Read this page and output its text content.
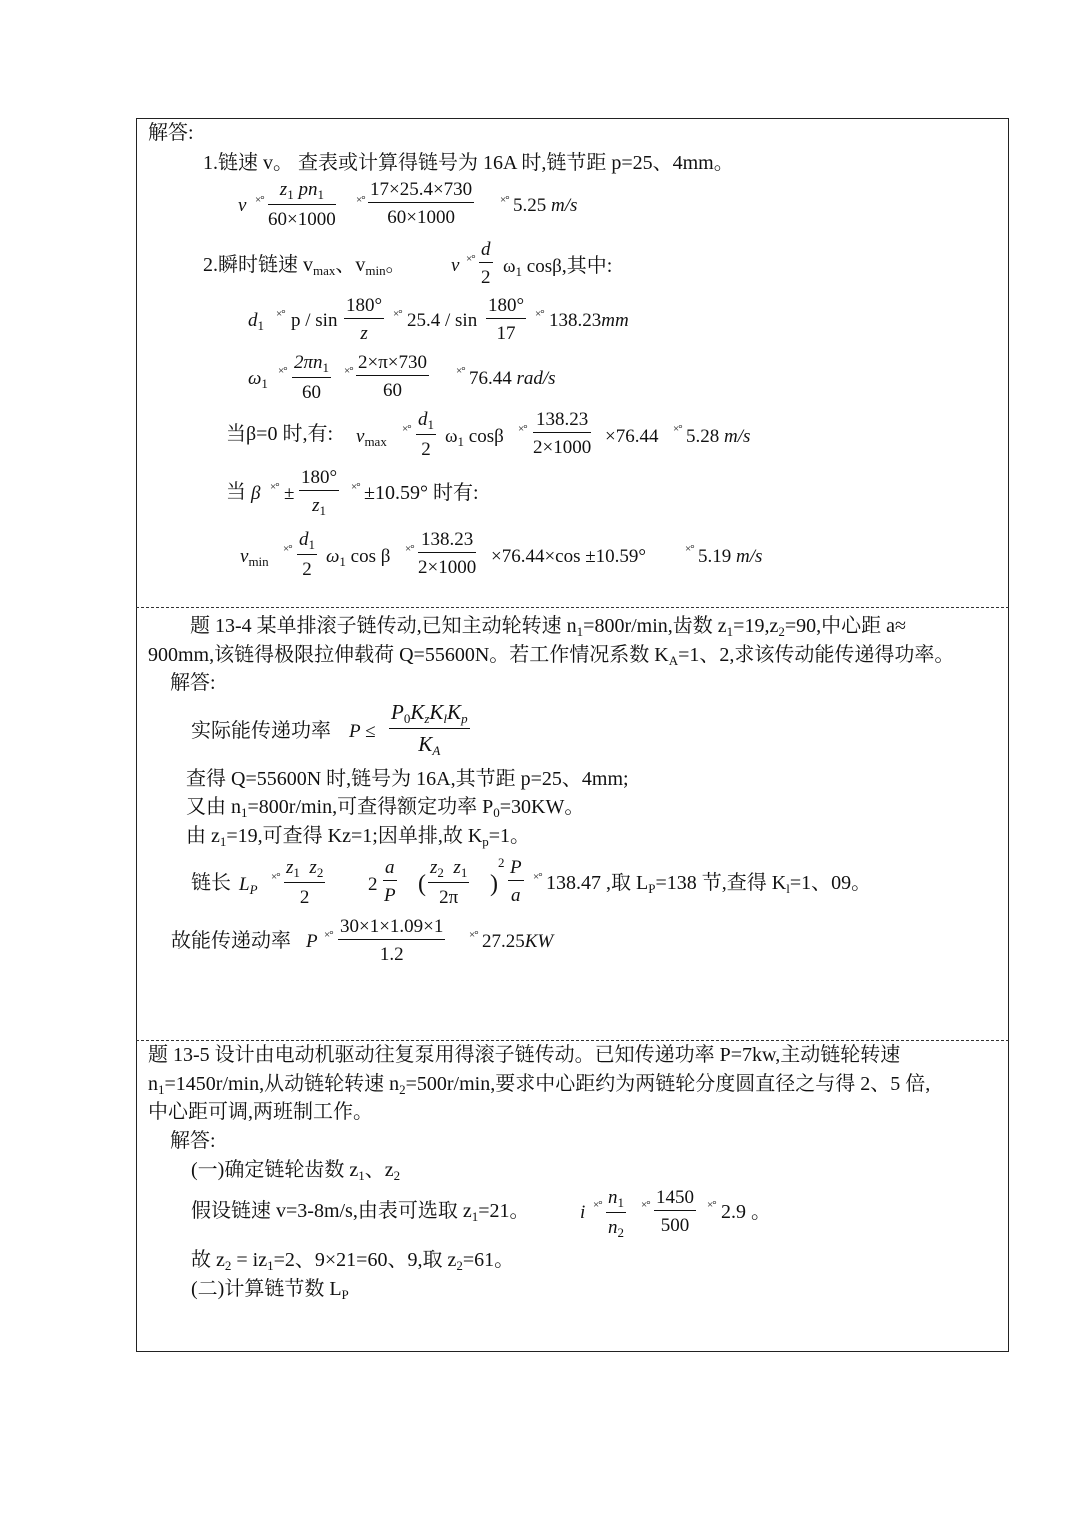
解答:
1.链速 v。 查表或计算得链号为 16A 时,链节距 p=25、4mm。
v ×° $\frac{z_1 pn_1}{60\times 1000}$ ×° $\frac{17\times 25.4\times 730}{60\times 1000}$ ×° 5.25 m/s
2.瞬时链速 $v_{max}$、$v_{min}$。 v ×° $\frac{d}{2} \omega_1$ cosβ,其中:
$d_1$
×° p / $\sin \frac{180^\circ}{z}$ ×° $25.4 / \sin \frac{180^\circ}{17}$ ×° 138.23mm
$\omega_1$
×° $\frac{2\pi n_1}{60}$ ×° $\frac{2\times\pi\times 730}{60}$ ×° 76.44 rad/s
当β=0 时,有: $v_{max}$
×° $\frac{d_1}{2} \omega_1$ cosβ ×° $\frac{138.23}{2\times 1000} \times 76.44$ ×° 5.28 m/s
当 β ×° ± $\frac{180^\circ}{z_1}$ ×° ±10.59° 时有:
$v_{min}$
×° $\frac{d_1}{2} \omega_1$ cos β ×° $\frac{138.23}{2\times 1000} \times 76.44\times\cos \pm 10.59^\circ$	×° 5.19 m/s
题 13-4 某单排滚子链传动,已知主动轮转速 $n_1=800r/\min$,齿数 $z_1=19,z_2=90$,中心距 a≈
900mm,该链得极限拉伸载荷 Q=55600N。若工作情况系数 $K_A=1$、2,求该传动能传递得功率。
解答:
实际能传递功率 P ≤
$P_0K_zK_lK_p$
$K_A$
查得 Q=55600N 时,链号为 16A,其节距 p=25、4mm;
又由 $n_1=800r/\min$,可查得额定功率 $P_0=30KW$。
由 $z_1=19$,可查得 Kz=1;因单排,故 $K_p=1$。
链长 $L_P$
×° $\frac{z_1 z_2}{2} 2 \frac{a}{P}$ ( $\frac{z_2 z_1}{2\pi}$ )
$2 \frac{P}{a}$ ×° 138.47 ,取 $L_P=138$ 节,查得 $K_l=1$、09。
故能传递动率 P ×° $\frac{30\times 1\times 1.09\times 1}{1.2}$ ×° 27.25KW
题 13-5 设计由电动机驱动往复泵用得滚子链传动。已知传递功率 P=7kw,主动链轮转速
$n_1=1450r/\min$,从动链轮转速 $n_2=500r/\min$,要求中心距约为两链轮分度圆直径之与得 2、5 倍,
中心距可调,两班制工作。
解答:
(一)确定链轮齿数 $z_1$、$z_2$
假设链速 v=3-8m/s,由表可选取 $z_1=21$。	i ×° $\frac{n_1}{n_2}$ ×° $\frac{1450}{500}$ ×° 2.9 。
故 $z_2 = iz_1=2$、9×21=60、9,取 $z_2=61$。
(二)计算链节数 $L_P$
